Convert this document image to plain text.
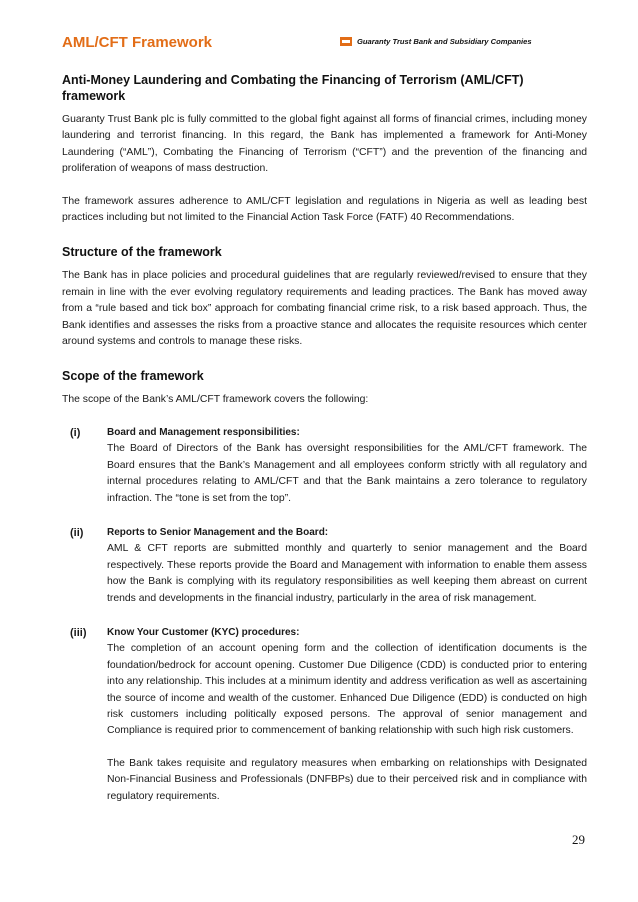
AML/CFT Framework	Guaranty Trust Bank and Subsidiary Companies
Anti-Money Laundering and Combating the Financing of Terrorism (AML/CFT) framework

Guaranty Trust Bank plc is fully committed to the global fight against all forms of financial crimes, including money laundering and terrorist financing. In this regard, the Bank has implemented a framework for Anti-Money Laundering (“AML”), Combating the Financing of Terrorism (“CFT”) and the prevention of the financing and proliferation of weapons of mass destruction.

The framework assures adherence to AML/CFT legislation and regulations in Nigeria as well as leading best practices including but not limited to the Financial Action Task Force (FATF) 40 Recommendations.

Structure of the framework

The Bank has in place policies and procedural guidelines that are regularly reviewed/revised to ensure that they remain in line with the ever evolving regulatory requirements and leading practices. The Bank has moved away from a “rule based and tick box” approach for combating financial crime risk, to a risk based approach. Thus, the Bank identifies and assesses the risks from a proactive stance and allocates the requisite resources which center around systems and controls to manage these risks.

Scope of the framework

The scope of the Bank’s AML/CFT framework covers the following:

(i)	Board and Management responsibilities:

The Board of Directors of the Bank has oversight responsibilities for the AML/CFT framework. The Board ensures that the Bank’s Management and all employees conform strictly with all regulatory and internal procedures relating to AML/CFT and that the Bank maintains a zero tolerance to regulatory infraction. The “tone is set from the top”.

(ii) Reports to Senior Management and the Board:

AML & CFT reports are submitted monthly and quarterly to senior management and the Board respectively. These reports provide the Board and Management with information to enable them assess how the Bank is complying with its regulatory responsibilities as well keeping them abreast on current trends and developments in the financial industry, particularly in the area of risk management.

(iii) Know Your Customer (KYC) procedures:

The completion of an account opening form and the collection of identification documents is the foundation/bedrock for account opening. Customer Due Diligence (CDD) is conducted prior to entering into any relationship. This includes at a minimum identity and address verification as well as ascertaining the source of income and wealth of the customer. Enhanced Due Diligence (EDD) is conducted on high risk customers including politically exposed persons. The approval of senior management and Compliance is required prior to commencement of banking relationship with such high risk customers.

The Bank takes requisite and regulatory measures when embarking on relationships with Designated Non-Financial Business and Professionals (DNFBPs) due to their perceived risk and in compliance with regulatory requirements.

29
